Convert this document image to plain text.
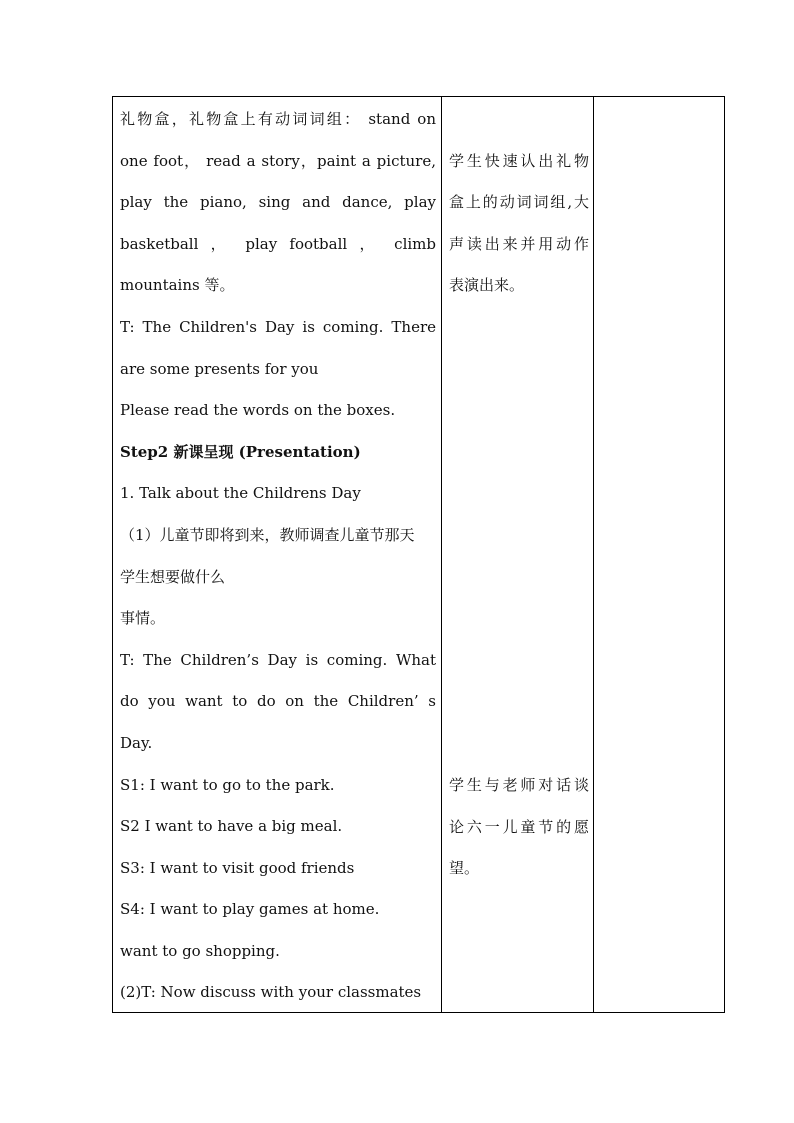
礼物盒，礼物盒上有动词词组： stand on
one foot， read a story，paint a picture,
play the piano, sing and dance, play
basketball ， play football ， climb
mountains 等。
T: The Children's Day is coming. There
are some presents for you
Please read the words on the boxes.
Step2 新课呈现 (Presentation)
1. Talk about the Childrens Day
（1）儿童节即将到来，教师调查儿童节那天
学生想要做什么
事情。
T: The Children’s Day is coming. What
do you want to do on the Children’ s
Day.
S1: I want to go to the park.
S2 I want to have a big meal.
S3: I want to visit good friends
S4: I want to play games at home.
want to go shopping.
(2)T: Now discuss with your classmates
学生快速认出礼物
盒上的动词词组,大
声读出来并用动作
表演出来。
学生与老师对话谈
论六一儿童节的愿
望。
